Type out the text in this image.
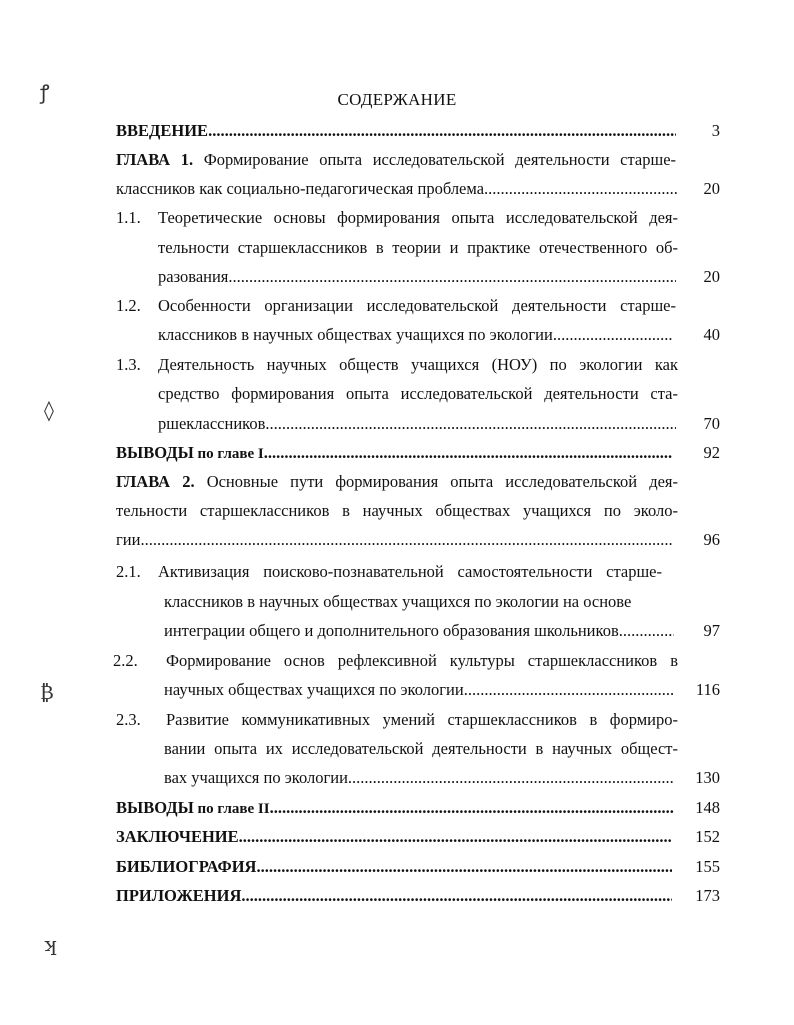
СОДЕРЖАНИЕ
ВВЕДЕНИЕ .....	3
ГЛАВА 1. Формирование опыта исследовательской деятельности старше-
классников как социально-педагогическая проблема .....	20
1.1. Теоретические основы формирования опыта исследовательской дея-
тельности старшеклассников в теории и практике отечественного об-
разования .....	20
1.2. Особенности организации исследовательской деятельности старше-
классников в научных обществах учащихся по экологии .....	40
1.3. Деятельность научных обществ учащихся (НОУ) по экологии как
средство формирования опыта исследовательской деятельности ста-
ршеклассников .....	70
ВЫВОДЫ по главе I .....	92
ГЛАВА 2. Основные пути формирования опыта исследовательской дея-
тельности старшеклассников в научных обществах учащихся по эколо-
гии .....	96
2.1. Активизация поисково-познавательной самостоятельности старше-
классников в научных обществах учащихся по экологии на основе
интеграции общего и дополнительного образования школьников .....	97
2.2. Формирование основ рефлексивной культуры старшеклассников в
научных обществах учащихся по экологии .....	116
2.3. Развитие коммуникативных умений старшеклассников в формиро-
вании опыта их исследовательской деятельности в научных общест-
вах учащихся по экологии .....	130
ВЫВОДЫ по главе II .....	148
ЗАКЛЮЧЕНИЕ .....	152
БИБЛИОГРАФИЯ .....	155
ПРИЛОЖЕНИЯ .....	173
ꝭ
◊
₿
ʞ
